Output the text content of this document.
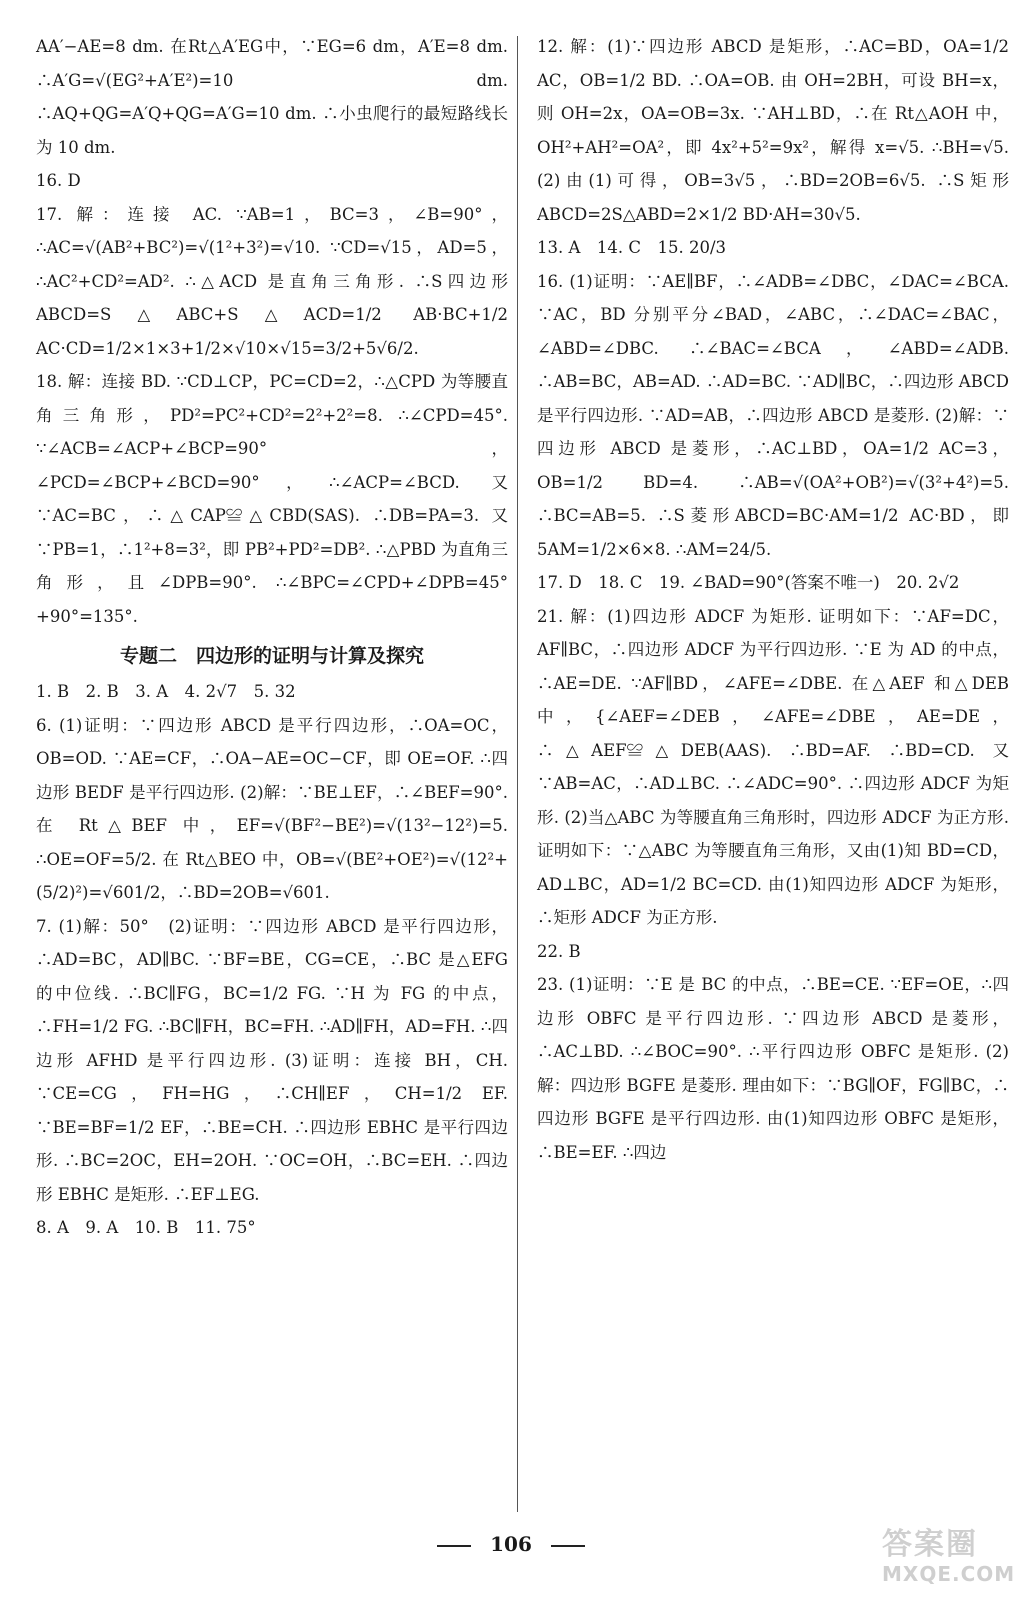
AA′−AE=8 dm. 在Rt△A′EG中，∵EG=6 dm，A′E=8 dm. ∴A′G=√(EG²+A′E²)=10 dm. ∴AQ+QG=A′Q+QG=A′G=10 dm. ∴小虫爬行的最短路线长为 10 dm.

16. D

17. 解：连接 AC. ∵AB=1，BC=3，∠B=90°，∴AC=√(AB²+BC²)=√(1²+3²)=√10. ∵CD=√15，AD=5，∴AC²+CD²=AD². ∴△ACD 是直角三角形. ∴S四边形ABCD=S△ABC+S△ACD=1/2 AB·BC+1/2 AC·CD=1/2×1×3+1/2×√10×√15=3/2+5√6/2.

18. 解：连接 BD. ∵CD⊥CP，PC=CD=2，∴△CPD 为等腰直角三角形，PD²=PC²+CD²=2²+2²=8. ∴∠CPD=45°. ∵∠ACB=∠ACP+∠BCP=90°，∠PCD=∠BCP+∠BCD=90°，∴∠ACP=∠BCD. 又∵AC=BC，∴△CAP≌△CBD(SAS). ∴DB=PA=3. 又∵PB=1，∴1²+8=3²，即 PB²+PD²=DB². ∴△PBD 为直角三角形，且∠DPB=90°. ∴∠BPC=∠CPD+∠DPB=45°+90°=135°.

专题二　四边形的证明与计算及探究

1. B　2. B　3. A　4. 2√7　5. 32

6. (1)证明：∵四边形 ABCD 是平行四边形，∴OA=OC，OB=OD. ∵AE=CF，∴OA−AE=OC−CF，即 OE=OF. ∴四边形 BEDF 是平行四边形. (2)解：∵BE⊥EF，∴∠BEF=90°. 在 Rt△BEF 中，EF=√(BF²−BE²)=√(13²−12²)=5. ∴OE=OF=5/2. 在 Rt△BEO 中，OB=√(BE²+OE²)=√(12²+(5/2)²)=√601/2，∴BD=2OB=√601.

7. (1)解：50°　(2)证明：∵四边形 ABCD 是平行四边形，∴AD=BC，AD∥BC. ∵BF=BE，CG=CE，∴BC 是△EFG 的中位线. ∴BC∥FG，BC=1/2 FG. ∵H 为 FG 的中点，∴FH=1/2 FG. ∴BC∥FH，BC=FH. ∴AD∥FH，AD=FH. ∴四边形 AFHD 是平行四边形. (3)证明：连接 BH，CH. ∵CE=CG，FH=HG，∴CH∥EF，CH=1/2 EF. ∵BE=BF=1/2 EF，∴BE=CH. ∴四边形 EBHC 是平行四边形. ∴BC=2OC，EH=2OH. ∵OC=OH，∴BC=EH. ∴四边形 EBHC 是矩形. ∴EF⊥EG.

8. A　9. A　10. B　11. 75°

12. 解：(1)∵四边形 ABCD 是矩形，∴AC=BD，OA=1/2 AC，OB=1/2 BD. ∴OA=OB. 由 OH=2BH，可设 BH=x，则 OH=2x，OA=OB=3x. ∵AH⊥BD，∴在 Rt△AOH 中，OH²+AH²=OA²，即 4x²+5²=9x²，解得 x=√5. ∴BH=√5. (2)由(1)可得，OB=3√5，∴BD=2OB=6√5. ∴S矩形ABCD=2S△ABD=2×1/2 BD·AH=30√5.

13. A　14. C　15. 20/3

16. (1)证明：∵AE∥BF，∴∠ADB=∠DBC，∠DAC=∠BCA. ∵AC，BD 分别平分∠BAD，∠ABC，∴∠DAC=∠BAC，∠ABD=∠DBC. ∴∠BAC=∠BCA，∠ABD=∠ADB. ∴AB=BC，AB=AD. ∴AD=BC. ∵AD∥BC，∴四边形 ABCD 是平行四边形. ∵AD=AB，∴四边形 ABCD 是菱形. (2)解：∵四边形 ABCD 是菱形，∴AC⊥BD，OA=1/2 AC=3，OB=1/2 BD=4. ∴AB=√(OA²+OB²)=√(3²+4²)=5. ∴BC=AB=5. ∴S菱形ABCD=BC·AM=1/2 AC·BD，即 5AM=1/2×6×8. ∴AM=24/5.

17. D　18. C　19. ∠BAD=90°(答案不唯一)　20. 2√2

21. 解：(1)四边形 ADCF 为矩形. 证明如下：∵AF=DC，AF∥BC，∴四边形 ADCF 为平行四边形. ∵E 为 AD 的中点，∴AE=DE. ∵AF∥BD，∠AFE=∠DBE. 在△AEF 和△DEB 中，{∠AEF=∠DEB，∠AFE=∠DBE，AE=DE，∴△AEF≌△DEB(AAS). ∴BD=AF. ∴BD=CD. 又∵AB=AC，∴AD⊥BC. ∴∠ADC=90°. ∴四边形 ADCF 为矩形. (2)当△ABC 为等腰直角三角形时，四边形 ADCF 为正方形. 证明如下：∵△ABC 为等腰直角三角形，又由(1)知 BD=CD，AD⊥BC，AD=1/2 BC=CD. 由(1)知四边形 ADCF 为矩形，∴矩形 ADCF 为正方形.

22. B

23. (1)证明：∵E 是 BC 的中点，∴BE=CE. ∵EF=OE，∴四边形 OBFC 是平行四边形. ∵四边形 ABCD 是菱形，∴AC⊥BD. ∴∠BOC=90°. ∴平行四边形 OBFC 是矩形. (2)解：四边形 BGFE 是菱形. 理由如下：∵BG∥OF，FG∥BC，∴四边形 BGFE 是平行四边形. 由(1)知四边形 OBFC 是矩形，∴BE=EF. ∴四边

106	答案圈
MXQE.COM
